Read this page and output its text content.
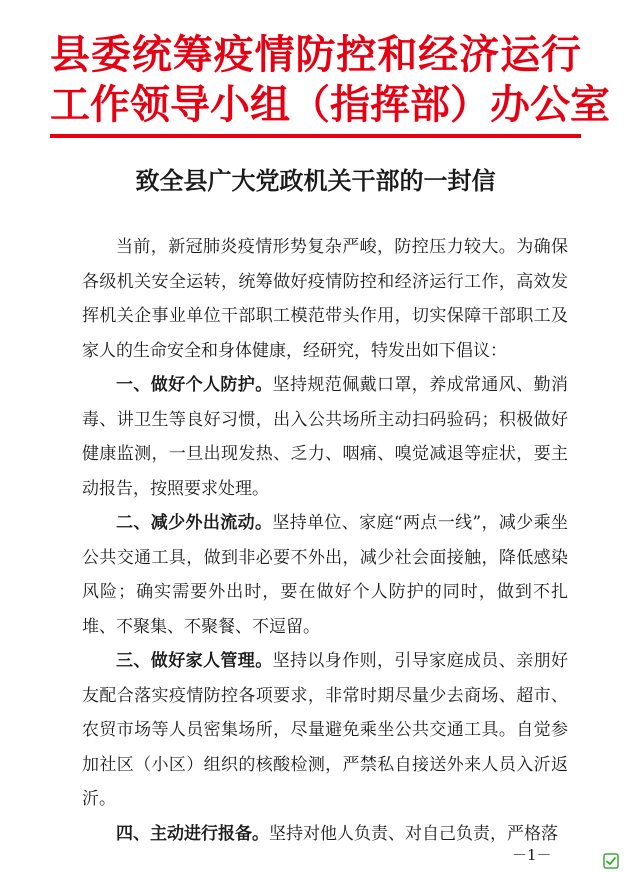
县委统筹疫情防控和经济运行
工作领导小组（指挥部）办公室
致全县广大党政机关干部的一封信

当前，新冠肺炎疫情形势复杂严峻，防控压力较大。为确保各级机关安全运转，统筹做好疫情防控和经济运行工作，高效发挥机关企事业单位干部职工模范带头作用，切实保障干部职工及家人的生命安全和身体健康，经研究，特发出如下倡议：

一、做好个人防护。坚持规范佩戴口罩，养成常通风、勤消毒、讲卫生等良好习惯，出入公共场所主动扫码验码；积极做好健康监测，一旦出现发热、乏力、咽痛、嗅觉减退等症状，要主动报告，按照要求处理。

二、减少外出流动。坚持单位、家庭“两点一线”，减少乘坐公共交通工具，做到非必要不外出，减少社会面接触，降低感染风险；确实需要外出时，要在做好个人防护的同时，做到不扎堆、不聚集、不聚餐、不逗留。

三、做好家人管理。坚持以身作则，引导家庭成员、亲朋好友配合落实疫情防控各项要求，非常时期尽量少去商场、超市、农贸市场等人员密集场所，尽量避免乘坐公共交通工具。自觉参加社区（小区）组织的核酸检测，严禁私自接送外来人员入沂返沂。

四、主动进行报备。坚持对他人负责、对自己负责，严格落

－1－
